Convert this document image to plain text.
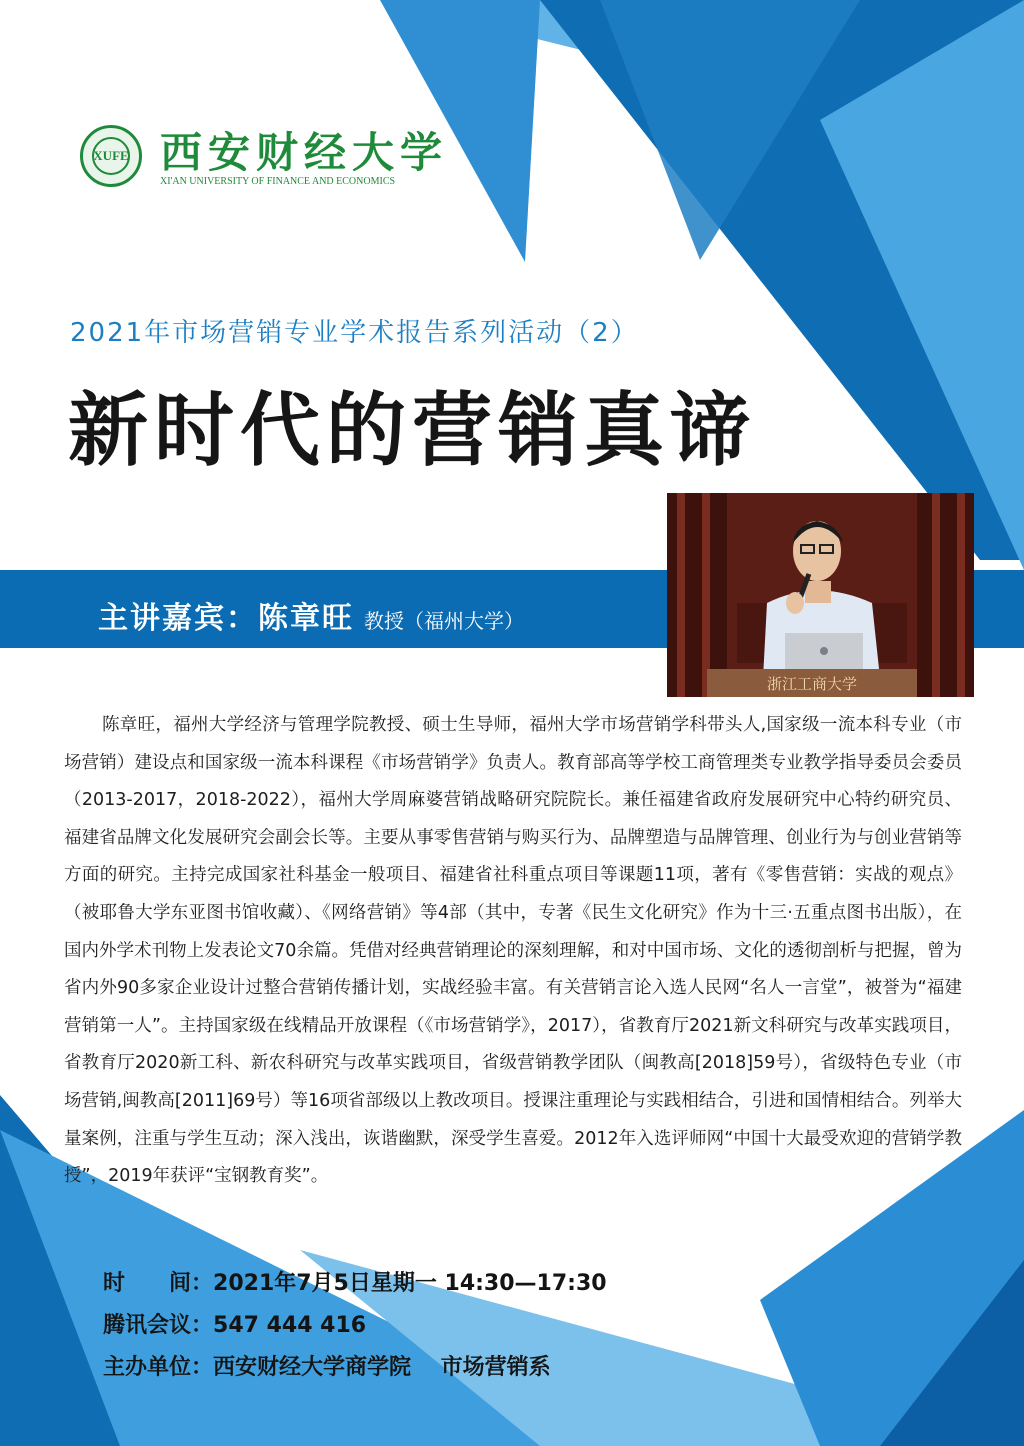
XUFE 西安财经大学
XI'AN UNIVERSITY OF FINANCE AND ECONOMICS
2021年市场营销专业学术报告系列活动（2）
新时代的营销真谛
主讲嘉宾：陈章旺 教授（福州大学）
浙江工商大学

陈章旺，福州大学经济与管理学院教授、硕士生导师，福州大学市场营销学科带头人,国家级一流本科专业（市场营销）建设点和国家级一流本科课程《市场营销学》负责人。教育部高等学校工商管理类专业教学指导委员会委员（2013-2017，2018-2022），福州大学周麻婆营销战略研究院院长。兼任福建省政府发展研究中心特约研究员、福建省品牌文化发展研究会副会长等。主要从事零售营销与购买行为、品牌塑造与品牌管理、创业行为与创业营销等方面的研究。主持完成国家社科基金一般项目、福建省社科重点项目等课题11项，著有《零售营销：实战的观点》（被耶鲁大学东亚图书馆收藏）、《网络营销》等4部（其中，专著《民生文化研究》作为十三·五重点图书出版），在国内外学术刊物上发表论文70余篇。凭借对经典营销理论的深刻理解，和对中国市场、文化的透彻剖析与把握，曾为省内外90多家企业设计过整合营销传播计划，实战经验丰富。有关营销言论入选人民网“名人一言堂”，被誉为“福建营销第一人”。主持国家级在线精品开放课程（《市场营销学》，2017），省教育厅2021新文科研究与改革实践项目，省教育厅2020新工科、新农科研究与改革实践项目，省级营销教学团队（闽教高[2018]59号），省级特色专业（市场营销,闽教高[2011]69号）等16项省部级以上教改项目。授课注重理论与实践相结合，引进和国情相结合。列举大量案例，注重与学生互动；深入浅出，诙谐幽默，深受学生喜爱。2012年入选评师网“中国十大最受欢迎的营销学教授”，2019年获评“宝钢教育奖”。

时　　间：2021年7月5日星期一 14:30—17:30
腾讯会议：547 444 416
主办单位：西安财经大学商学院　 市场营销系
